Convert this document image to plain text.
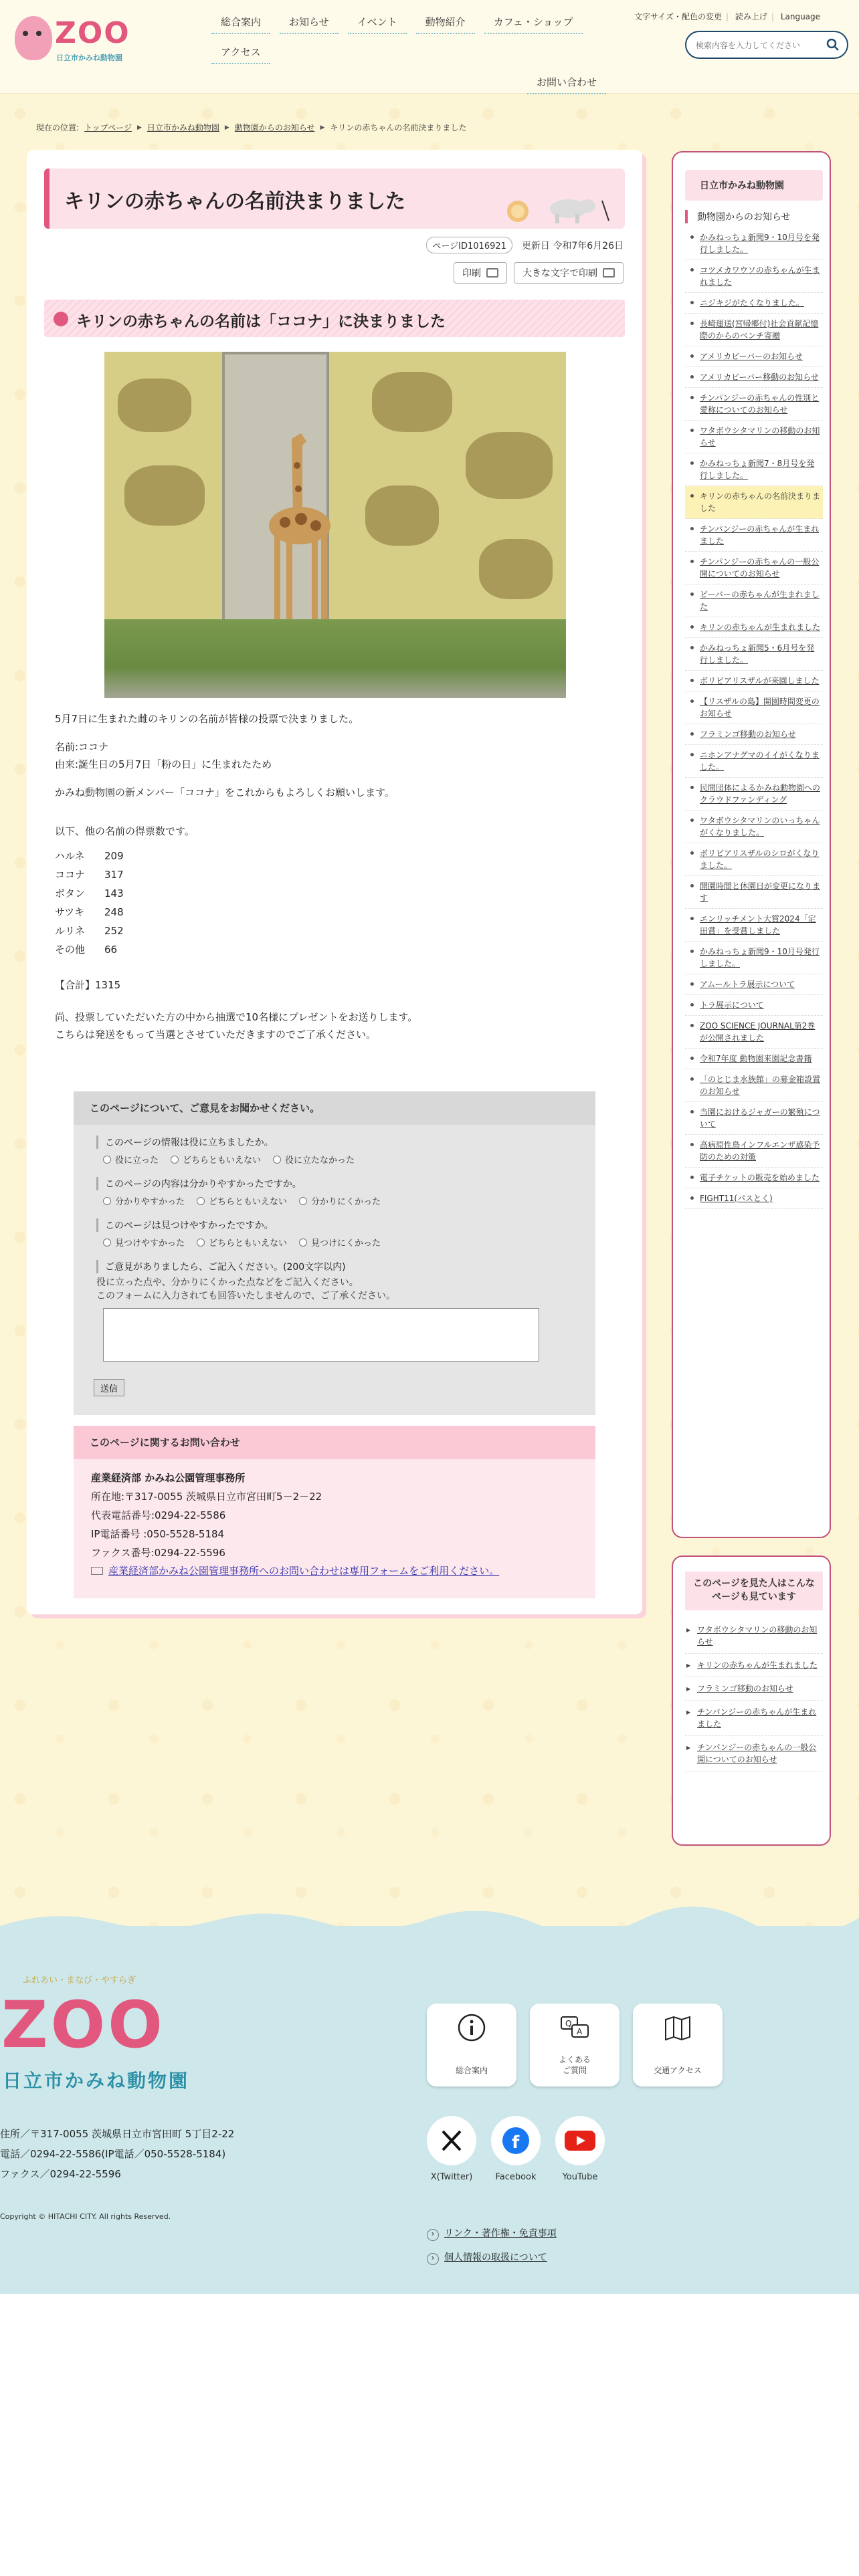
ZOO
日立市かみね動物園
総合案内	お知らせ	イベント	動物紹介	カフェ・ショップ
アクセス
お問い合わせ
文字サイズ・配色の変更 | 読み上げ | Language
検索内容を入力してください
現在の位置: トップページ ▶ 日立市かみね動物園 ▶ 動物園からのお知らせ ▶ キリンの赤ちゃんの名前決まりました
キリンの赤ちゃんの名前決まりました
ページID1016921	更新日 令和7年6月26日
印刷	大きな文字で印刷
キリンの赤ちゃんの名前は「ココナ」に決まりました
5月7日に生まれた雌のキリンの名前が皆様の投票で決まりました。
名前:ココナ
由来:誕生日の5月7日「粉の日」に生まれたため
かみね動物園の新メンバー「ココナ」をこれからもよろしくお願いします。
以下、他の名前の得票数です。
ハルネ	209
ココナ	317
ボタン	143
サツキ	248
ルリネ	252
その他	66
【合計】1315
尚、投票していただいた方の中から抽選で10名様にプレゼントをお送りします。
こちらは発送をもって当選とさせていただきますのでご了承ください。
このページについて、ご意見をお聞かせください。
このページの情報は役に立ちましたか。
役に立った	どちらともいえない	役に立たなかった
このページの内容は分かりやすかったですか。
分かりやすかった	どちらともいえない	分かりにくかった
このページは見つけやすかったですか。
見つけやすかった	どちらともいえない	見つけにくかった
ご意見がありましたら、ご記入ください。(200文字以内)
役に立った点や、分かりにくかった点などをご記入ください。
このフォームに入力されても回答いたしませんので、ご了承ください。
送信
このページに関するお問い合わせ
産業経済部 かみね公園管理事務所
所在地:〒317-0055 茨城県日立市宮田町5－2－22
代表電話番号:0294-22-5586
IP電話番号 :050-5528-5184
ファクス番号:0294-22-5596
産業経済部かみね公園管理事務所へのお問い合わせは専用フォームをご利用ください。
日立市かみね動物園
動物園からのお知らせ
かみねっちょ新聞9・10月号を発行しました。
コツメカワウソの赤ちゃんが生まれました
ニジキジがたくなりました。
長崎運送(宮帰郷付)社会貢献記憶際のからのベンチ寄贈
アメリカビーバーのお知らせ
アメリカビーバー移動のお知らせ
チンパンジーの赤ちゃんの性別と愛称についてのお知らせ
ワタボウシタマリンの移動のお知らせ
かみねっちょ新聞7・8月号を発行しました。
キリンの赤ちゃんの名前決まりました
チンパンジーの赤ちゃんが生まれました
チンパンジーの赤ちゃんの一般公開についてのお知らせ
ビーバーの赤ちゃんが生まれました
キリンの赤ちゃんが生まれました
かみねっちょ新聞5・6月号を発行しました。
ボリビアリスザルが来園しました
【リスザルの島】開園時間変更のお知らせ
フラミンゴ移動のお知らせ
ニホンアナグマのイイがくなりました。
民間団体によるかみね動物園へのクラウドファンディング
ワタボウシタマリンのいっちゃんがくなりました。
ボリビアリスザルのシロがくなりました。
開園時間と休園日が変更になります
エンリッチメント大賞2024「定田賞」を受賞しました
かみねっちょ新聞9・10月号発行しました。
アムールトラ展示について
トラ展示について
ZOO SCIENCE JOURNAL第2巻が公開されました
令和7年度 動物園来園記念書籍
「のとじま水族館」の募金箱設置のお知らせ
当園におけるジャガーの繁殖について
高病原性鳥インフルエンザ感染予防のための対策
電子チケットの販売を始めました
FIGHT11(パスとく)
このページを見た人はこんなページも見ています
▶ ワタボウシタマリンの移動のお知らせ
▶ キリンの赤ちゃんが生まれました
▶ フラミンゴ移動のお知らせ
▶ チンパンジーの赤ちゃんが生まれました
▶ チンパンジーの赤ちゃんの一般公開についてのお知らせ
ふれあい・まなび・やすらぎ
ZOO
日立市かみね動物園
住所／〒317-0055 茨城県日立市宮田町 5丁目2-22
電話／0294-22-5586(IP電話／050-5528-5184)
ファクス／0294-22-5596
Copyright © HITACHI CITY. All rights Reserved.
総合案内
Q
A
よくある
ご質問	交通アクセス
X(Twitter)
f
Facebook	YouTube
› リンク・著作権・免責事項
› 個人情報の取扱について
